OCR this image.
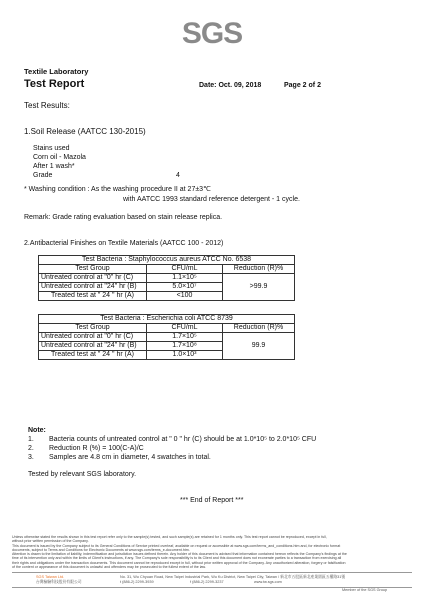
SGS
Textile Laboratory
Test Report	Date: Oct. 09, 2018	Page 2 of 2
Test Results:
1.Soil Release (AATCC 130-2015)
Stains used
Corn oil - Mazola
After 1 wash*
Grade	4
* Washing condition : As the washing procedure II at 27±3℃
with AATCC 1993 standard reference detergent - 1 cycle.
Remark: Grade rating evaluation based on stain release replica.
2.Antibacterial Finishes on Textile Materials (AATCC 100 - 2012)
Test Bacteria : Staphylococcus aureus ATCC No. 6538		
Test Group	CFU/mL	Reduction (R)%
Untreated control at "0" hr (C)	1.1×10⁵	>99.9
Untreated control at "24" hr (B)	5.0×10⁷	
Treated test at " 24 " hr (A)	<100	
Test Bacteria : Escherichia coli ATCC 8739		
Test Group	CFU/mL	Reduction (R)%
Untreated control at "0" hr (C)	1.7×10⁵	99.9
Untreated control at "24" hr (B)	1.7×10⁸	
Treated test at " 24 " hr (A)	1.0×10³	
Note:
1. Bacteria counts of untreated control at " 0 " hr (C) should be at 1.0*10⁵ to 2.0*10⁵ CFU
2. Reduction R (%) = 100(C-A)/C
3. Samples are 4.8 cm in diameter, 4 swatches in total.
Tested by relevant SGS laboratory.
*** End of Report ***
Unless otherwise stated the results shown in this test report refer only to the sample(s) tested, and such sample(s) are retained for 1 months only. This test report cannot be reproduced, except in full,
without prior written permission of the Company.
This document is issued by the Company subject to its General Conditions of Service printed overleaf, available on request or accessible at www.sgs.com/terms_and_conditions.htm and, for electronic format
documents, subject to Terms and Conditions for Electronic Documents at www.sgs.com/terms_e-document.htm.
Attention is drawn to the limitation of liability, indemnification and jurisdiction issues defined therein. Any holder of this document is advised that information contained hereon reflects the Company's findings at the
time of its intervention only and within the limits of Client's instructions, if any. The Company's sole responsibility is to its Client and this document does not exonerate parties to a transaction from exercising all
their rights and obligations under the transaction documents. This document cannot be reproduced except in full, without prior written approval of the Company. Any unauthorized alteration, forgery or falsification
of the content or appearance of this document is unlawful and offenders may be prosecuted to the fullest extent of the law.
SGS Taiwan Ltd.
台灣檢驗科技股份有限公司
No. 31, Wu Chyuan Road, New Taipei Industrial Park, Wu Ku District, New Taipei City, Taiwan / 新北市五股區新北產業園區五權路31號
t (886-2) 2299-3939	f (886-2) 2299-3237	www.tw.sgs.com
Member of the SGS Group
